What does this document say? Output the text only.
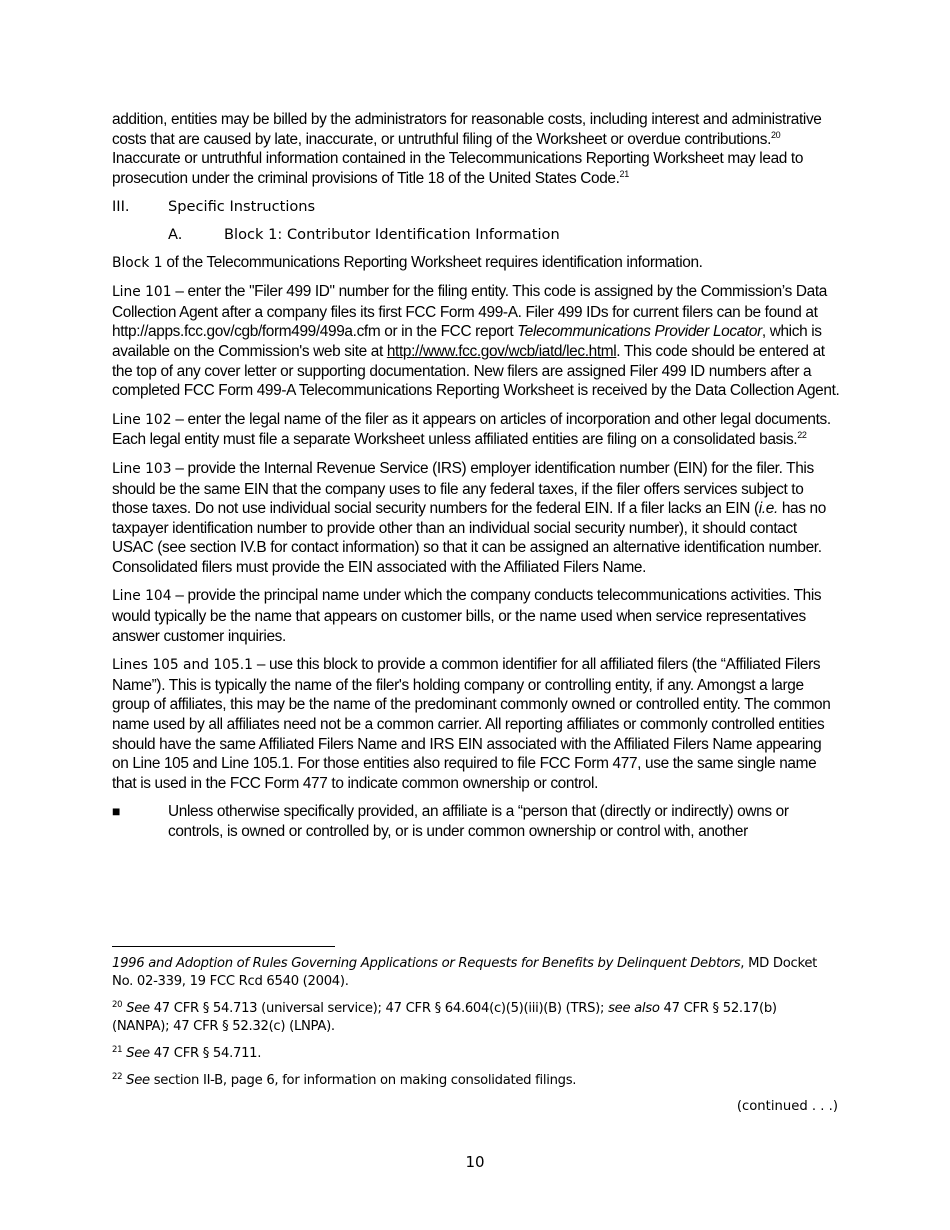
addition, entities may be billed by the administrators for reasonable costs, including interest and administrative costs that are caused by late, inaccurate, or untruthful filing of the Worksheet or overdue contributions.$^{20}$ Inaccurate or untruthful information contained in the Telecommunications Reporting Worksheet may lead to prosecution under the criminal provisions of Title 18 of the United States Code.$^{21}$

III.	Specific Instructions
A.	Block 1: Contributor Identification Information

Block 1 of the Telecommunications Reporting Worksheet requires identification information.

Line 101 – enter the "Filer 499 ID" number for the filing entity. This code is assigned by the Commission’s Data Collection Agent after a company files its first FCC Form 499-A. Filer 499 IDs for current filers can be found at http://apps.fcc.gov/cgb/form499/499a.cfm or in the FCC report Telecommunications Provider Locator, which is available on the Commission's web site at http://www.fcc.gov/wcb/iatd/lec.html. This code should be entered at the top of any cover letter or supporting documentation. New filers are assigned Filer 499 ID numbers after a completed FCC Form 499-A Telecommunications Reporting Worksheet is received by the Data Collection Agent.

Line 102 – enter the legal name of the filer as it appears on articles of incorporation and other legal documents. Each legal entity must file a separate Worksheet unless affiliated entities are filing on a consolidated basis.$^{22}$

Line 103 – provide the Internal Revenue Service (IRS) employer identification number (EIN) for the filer. This should be the same EIN that the company uses to file any federal taxes, if the filer offers services subject to those taxes. Do not use individual social security numbers for the federal EIN. If a filer lacks an EIN (i.e. has no taxpayer identification number to provide other than an individual social security number), it should contact USAC (see section IV.B for contact information) so that it can be assigned an alternative identification number. Consolidated filers must provide the EIN associated with the Affiliated Filers Name.

Line 104 – provide the principal name under which the company conducts telecommunications activities. This would typically be the name that appears on customer bills, or the name used when service representatives answer customer inquiries.

Lines 105 and 105.1 – use this block to provide a common identifier for all affiliated filers (the “Affiliated Filers Name”). This is typically the name of the filer's holding company or controlling entity, if any. Amongst a large group of affiliates, this may be the name of the predominant commonly owned or controlled entity. The common name used by all affiliates need not be a common carrier. All reporting affiliates or commonly controlled entities should have the same Affiliated Filers Name and IRS EIN associated with the Affiliated Filers Name appearing on Line 105 and Line 105.1. For those entities also required to file FCC Form 477, use the same single name that is used in the FCC Form 477 to indicate common ownership or control.

■	Unless otherwise specifically provided, an affiliate is a “person that (directly or indirectly) owns or controls, is owned or controlled by, or is under common ownership or control with, another

1996 and Adoption of Rules Governing Applications or Requests for Benefits by Delinquent Debtors, MD Docket No. 02-339, 19 FCC Rcd 6540 (2004).

$^{20}$ See 47 CFR § 54.713 (universal service); 47 CFR § 64.604(c)(5)(iii)(B) (TRS); see also 47 CFR § 52.17(b) (NANPA); 47 CFR § 52.32(c) (LNPA).

$^{21}$ See 47 CFR § 54.711.

$^{22}$ See section II-B, page 6, for information on making consolidated filings.

(continued . . .)
10
